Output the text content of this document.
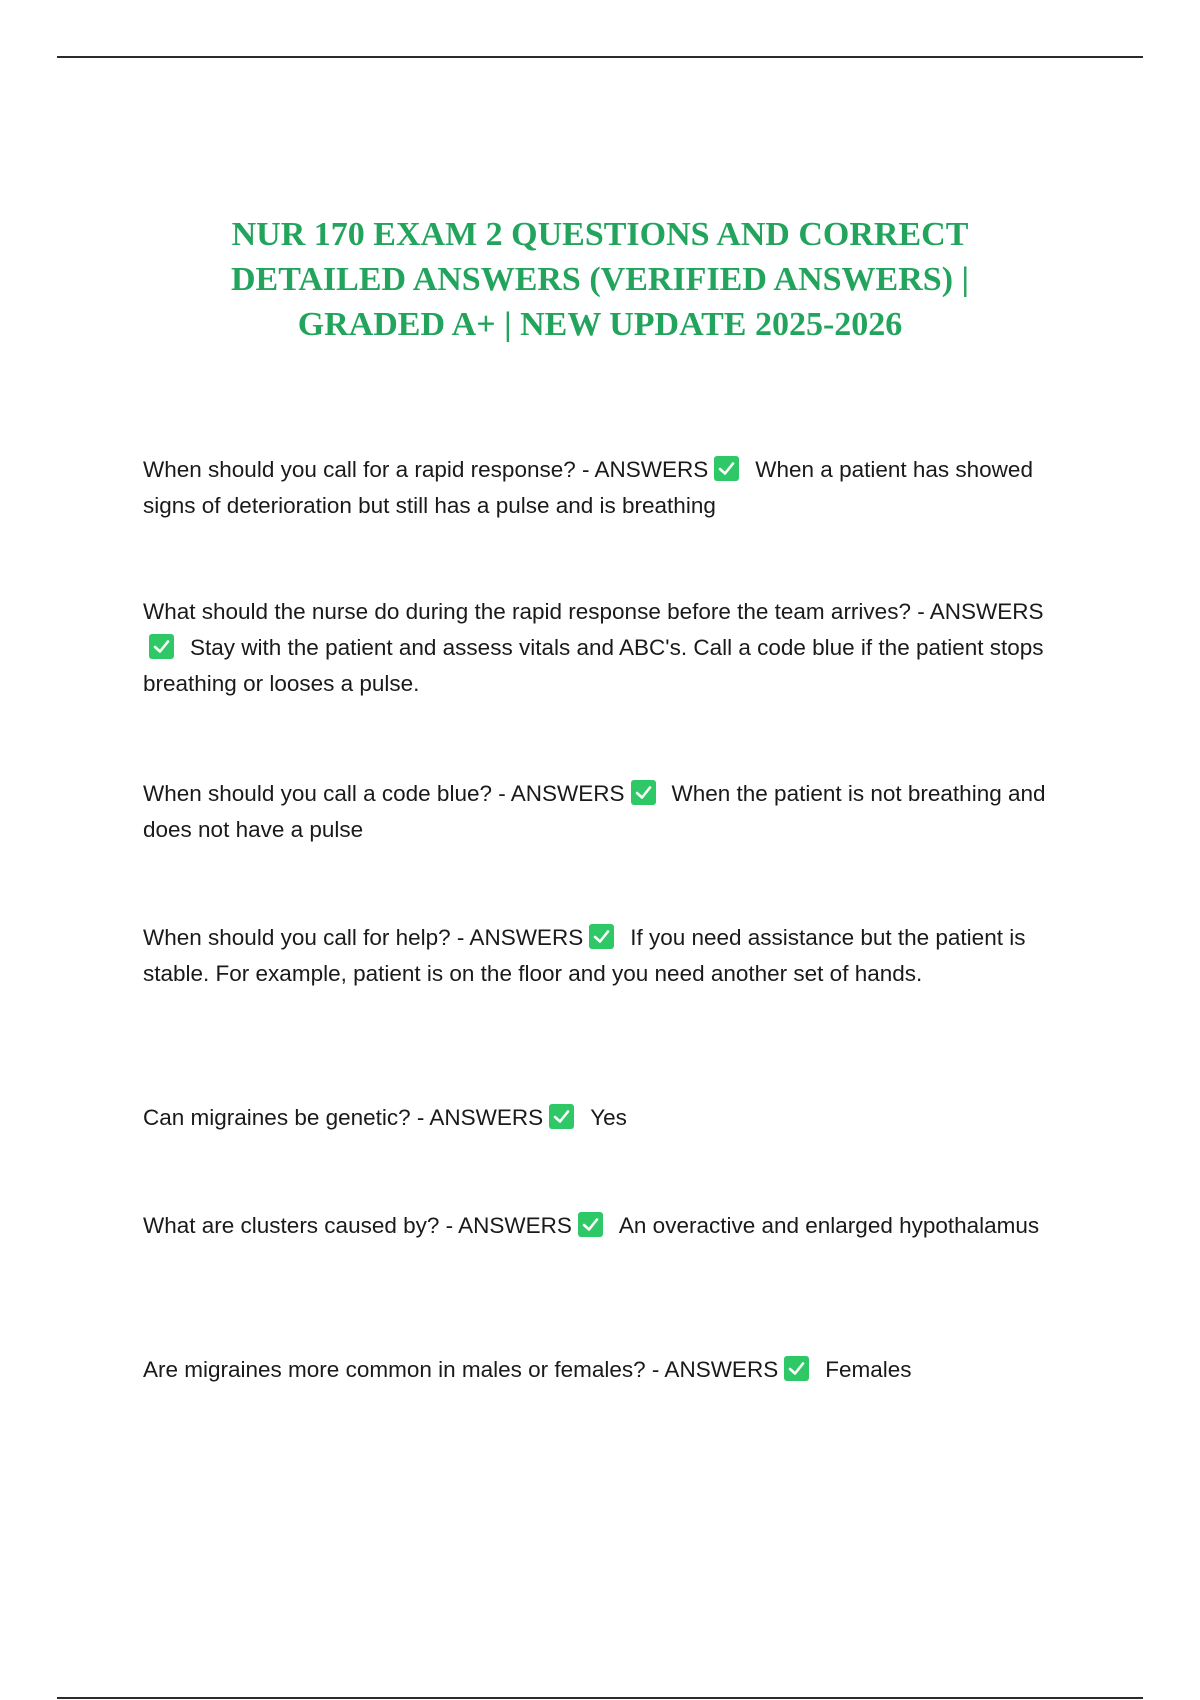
NUR 170 EXAM 2 QUESTIONS AND CORRECT
DETAILED ANSWERS (VERIFIED ANSWERS) |
GRADED A+ | NEW UPDATE 2025-2026
When should you call for a rapid response? - ANSWERS When a patient has showed signs of deterioration but still has a pulse and is breathing
What should the nurse do during the rapid response before the team arrives? - ANSWERS
Stay with the patient and assess vitals and ABC's. Call a code blue if the patient stops breathing or looses a pulse.
When should you call a code blue? - ANSWERS When the patient is not breathing and does not have a pulse
When should you call for help? - ANSWERS If you need assistance but the patient is stable. For example, patient is on the floor and you need another set of hands.
Can migraines be genetic? - ANSWERS Yes
What are clusters caused by? - ANSWERS An overactive and enlarged hypothalamus
Are migraines more common in males or females? - ANSWERS Females
